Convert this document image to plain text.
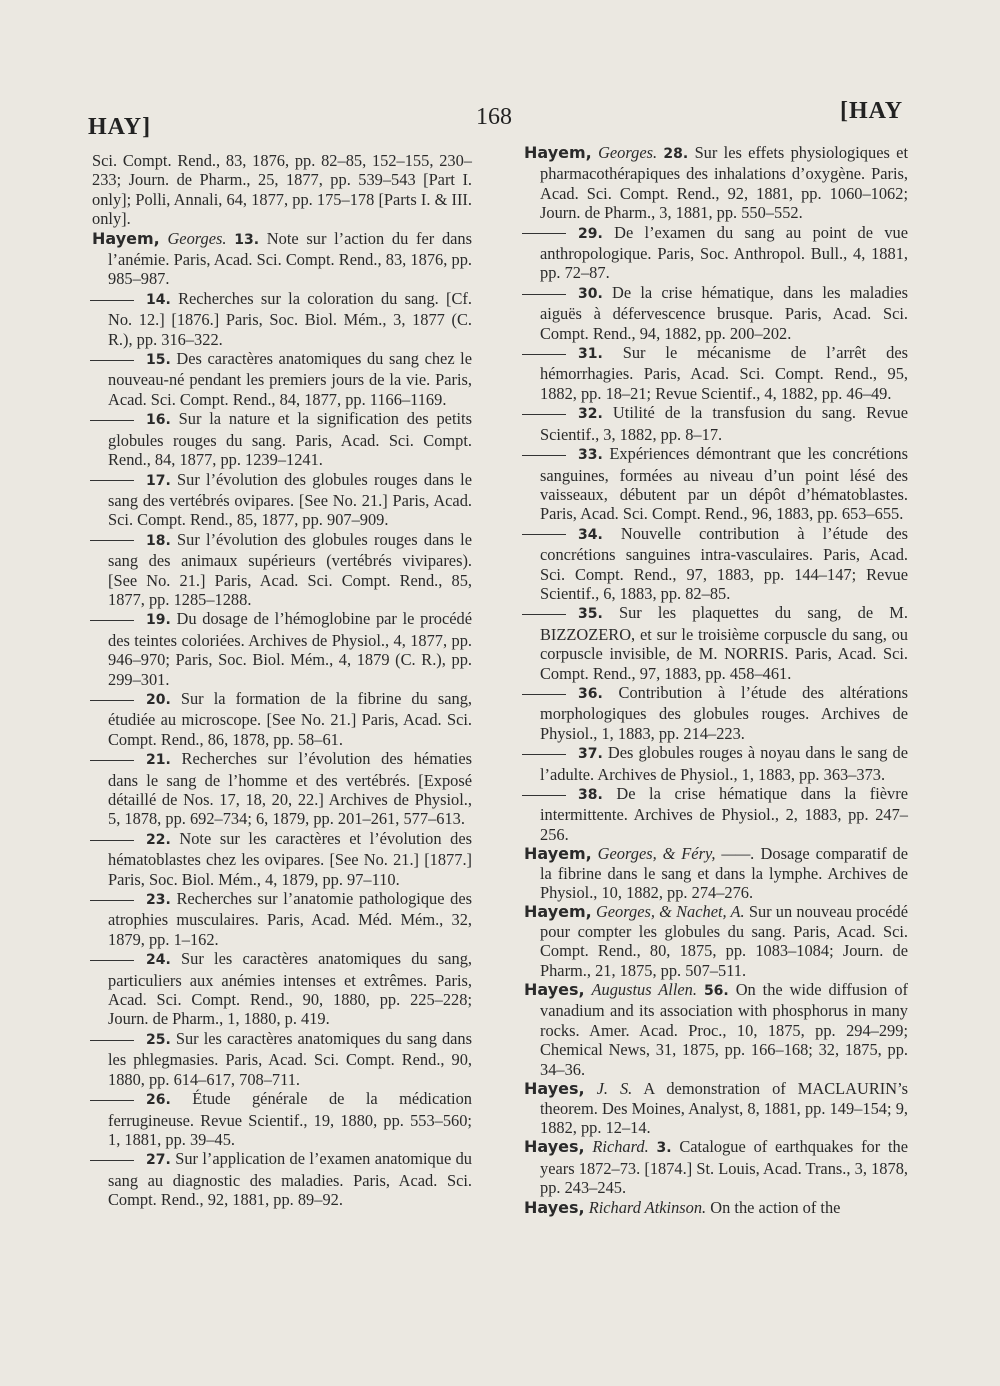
HAY]	168	[HAY

Sci. Compt. Rend., 83, 1876, pp. 82–85, 152–155, 230–233; Journ. de Pharm., 25, 1877, pp. 539–543 [Part I. only]; Polli, Annali, 64, 1877, pp. 175–178 [Parts I. & III. only].

Hayem, Georges. 13. Note sur l’action du fer dans l’anémie. Paris, Acad. Sci. Compt. Rend., 83, 1876, pp. 985–987.

14. Recherches sur la coloration du sang. [Cf. No. 12.] [1876.] Paris, Soc. Biol. Mém., 3, 1877 (C. R.), pp. 316–322.

15. Des caractères anatomiques du sang chez le nouveau-né pendant les premiers jours de la vie. Paris, Acad. Sci. Compt. Rend., 84, 1877, pp. 1166–1169.

16. Sur la nature et la signification des petits globules rouges du sang. Paris, Acad. Sci. Compt. Rend., 84, 1877, pp. 1239–1241.

17. Sur l’évolution des globules rouges dans le sang des vertébrés ovipares. [See No. 21.] Paris, Acad. Sci. Compt. Rend., 85, 1877, pp. 907–909.

18. Sur l’évolution des globules rouges dans le sang des animaux supérieurs (vertébrés vivipares). [See No. 21.] Paris, Acad. Sci. Compt. Rend., 85, 1877, pp. 1285–1288.

19. Du dosage de l’hémoglobine par le procédé des teintes coloriées. Archives de Physiol., 4, 1877, pp. 946–970; Paris, Soc. Biol. Mém., 4, 1879 (C. R.), pp. 299–301.

20. Sur la formation de la fibrine du sang, étudiée au microscope. [See No. 21.] Paris, Acad. Sci. Compt. Rend., 86, 1878, pp. 58–61.

21. Recherches sur l’évolution des hématies dans le sang de l’homme et des vertébrés. [Exposé détaillé de Nos. 17, 18, 20, 22.] Archives de Physiol., 5, 1878, pp. 692–734; 6, 1879, pp. 201–261, 577–613.

22. Note sur les caractères et l’évolution des hématoblastes chez les ovipares. [See No. 21.] [1877.] Paris, Soc. Biol. Mém., 4, 1879, pp. 97–110.

23. Recherches sur l’anatomie pathologique des atrophies musculaires. Paris, Acad. Méd. Mém., 32, 1879, pp. 1–162.

24. Sur les caractères anatomiques du sang, particuliers aux anémies intenses et extrêmes. Paris, Acad. Sci. Compt. Rend., 90, 1880, pp. 225–228; Journ. de Pharm., 1, 1880, p. 419.

25. Sur les caractères anatomiques du sang dans les phlegmasies. Paris, Acad. Sci. Compt. Rend., 90, 1880, pp. 614–617, 708–711.

26. Étude générale de la médication ferrugineuse. Revue Scientif., 19, 1880, pp. 553–560; 1, 1881, pp. 39–45.

27. Sur l’application de l’examen anatomique du sang au diagnostic des maladies. Paris, Acad. Sci. Compt. Rend., 92, 1881, pp. 89–92.

Hayem, Georges. 28. Sur les effets physiologiques et pharmacothérapiques des inhalations d’oxygène. Paris, Acad. Sci. Compt. Rend., 92, 1881, pp. 1060–1062; Journ. de Pharm., 3, 1881, pp. 550–552.

29. De l’examen du sang au point de vue anthropologique. Paris, Soc. Anthropol. Bull., 4, 1881, pp. 72–87.

30. De la crise hématique, dans les maladies aiguës à défervescence brusque. Paris, Acad. Sci. Compt. Rend., 94, 1882, pp. 200–202.

31. Sur le mécanisme de l’arrêt des hémorrhagies. Paris, Acad. Sci. Compt. Rend., 95, 1882, pp. 18–21; Revue Scientif., 4, 1882, pp. 46–49.

32. Utilité de la transfusion du sang. Revue Scientif., 3, 1882, pp. 8–17.

33. Expériences démontrant que les concrétions sanguines, formées au niveau d’un point lésé des vaisseaux, débutent par un dépôt d’hématoblastes. Paris, Acad. Sci. Compt. Rend., 96, 1883, pp. 653–655.

34. Nouvelle contribution à l’étude des concrétions sanguines intra-vasculaires. Paris, Acad. Sci. Compt. Rend., 97, 1883, pp. 144–147; Revue Scientif., 6, 1883, pp. 82–85.

35. Sur les plaquettes du sang, de M. BIZZOZERO, et sur le troisième corpuscle du sang, ou corpuscle invisible, de M. NORRIS. Paris, Acad. Sci. Compt. Rend., 97, 1883, pp. 458–461.

36. Contribution à l’étude des altérations morphologiques des globules rouges. Archives de Physiol., 1, 1883, pp. 214–223.

37. Des globules rouges à noyau dans le sang de l’adulte. Archives de Physiol., 1, 1883, pp. 363–373.

38. De la crise hématique dans la fièvre intermittente. Archives de Physiol., 2, 1883, pp. 247–256.

Hayem, Georges, & Féry, ——. Dosage comparatif de la fibrine dans le sang et dans la lymphe. Archives de Physiol., 10, 1882, pp. 274–276.

Hayem, Georges, & Nachet, A. Sur un nouveau procédé pour compter les globules du sang. Paris, Acad. Sci. Compt. Rend., 80, 1875, pp. 1083–1084; Journ. de Pharm., 21, 1875, pp. 507–511.

Hayes, Augustus Allen. 56. On the wide diffusion of vanadium and its association with phosphorus in many rocks. Amer. Acad. Proc., 10, 1875, pp. 294–299; Chemical News, 31, 1875, pp. 166–168; 32, 1875, pp. 34–36.

Hayes, J. S. A demonstration of MACLAURIN’s theorem. Des Moines, Analyst, 8, 1881, pp. 149–154; 9, 1882, pp. 12–14.

Hayes, Richard. 3. Catalogue of earthquakes for the years 1872–73. [1874.] St. Louis, Acad. Trans., 3, 1878, pp. 243–245.

Hayes, Richard Atkinson. On the action of the
